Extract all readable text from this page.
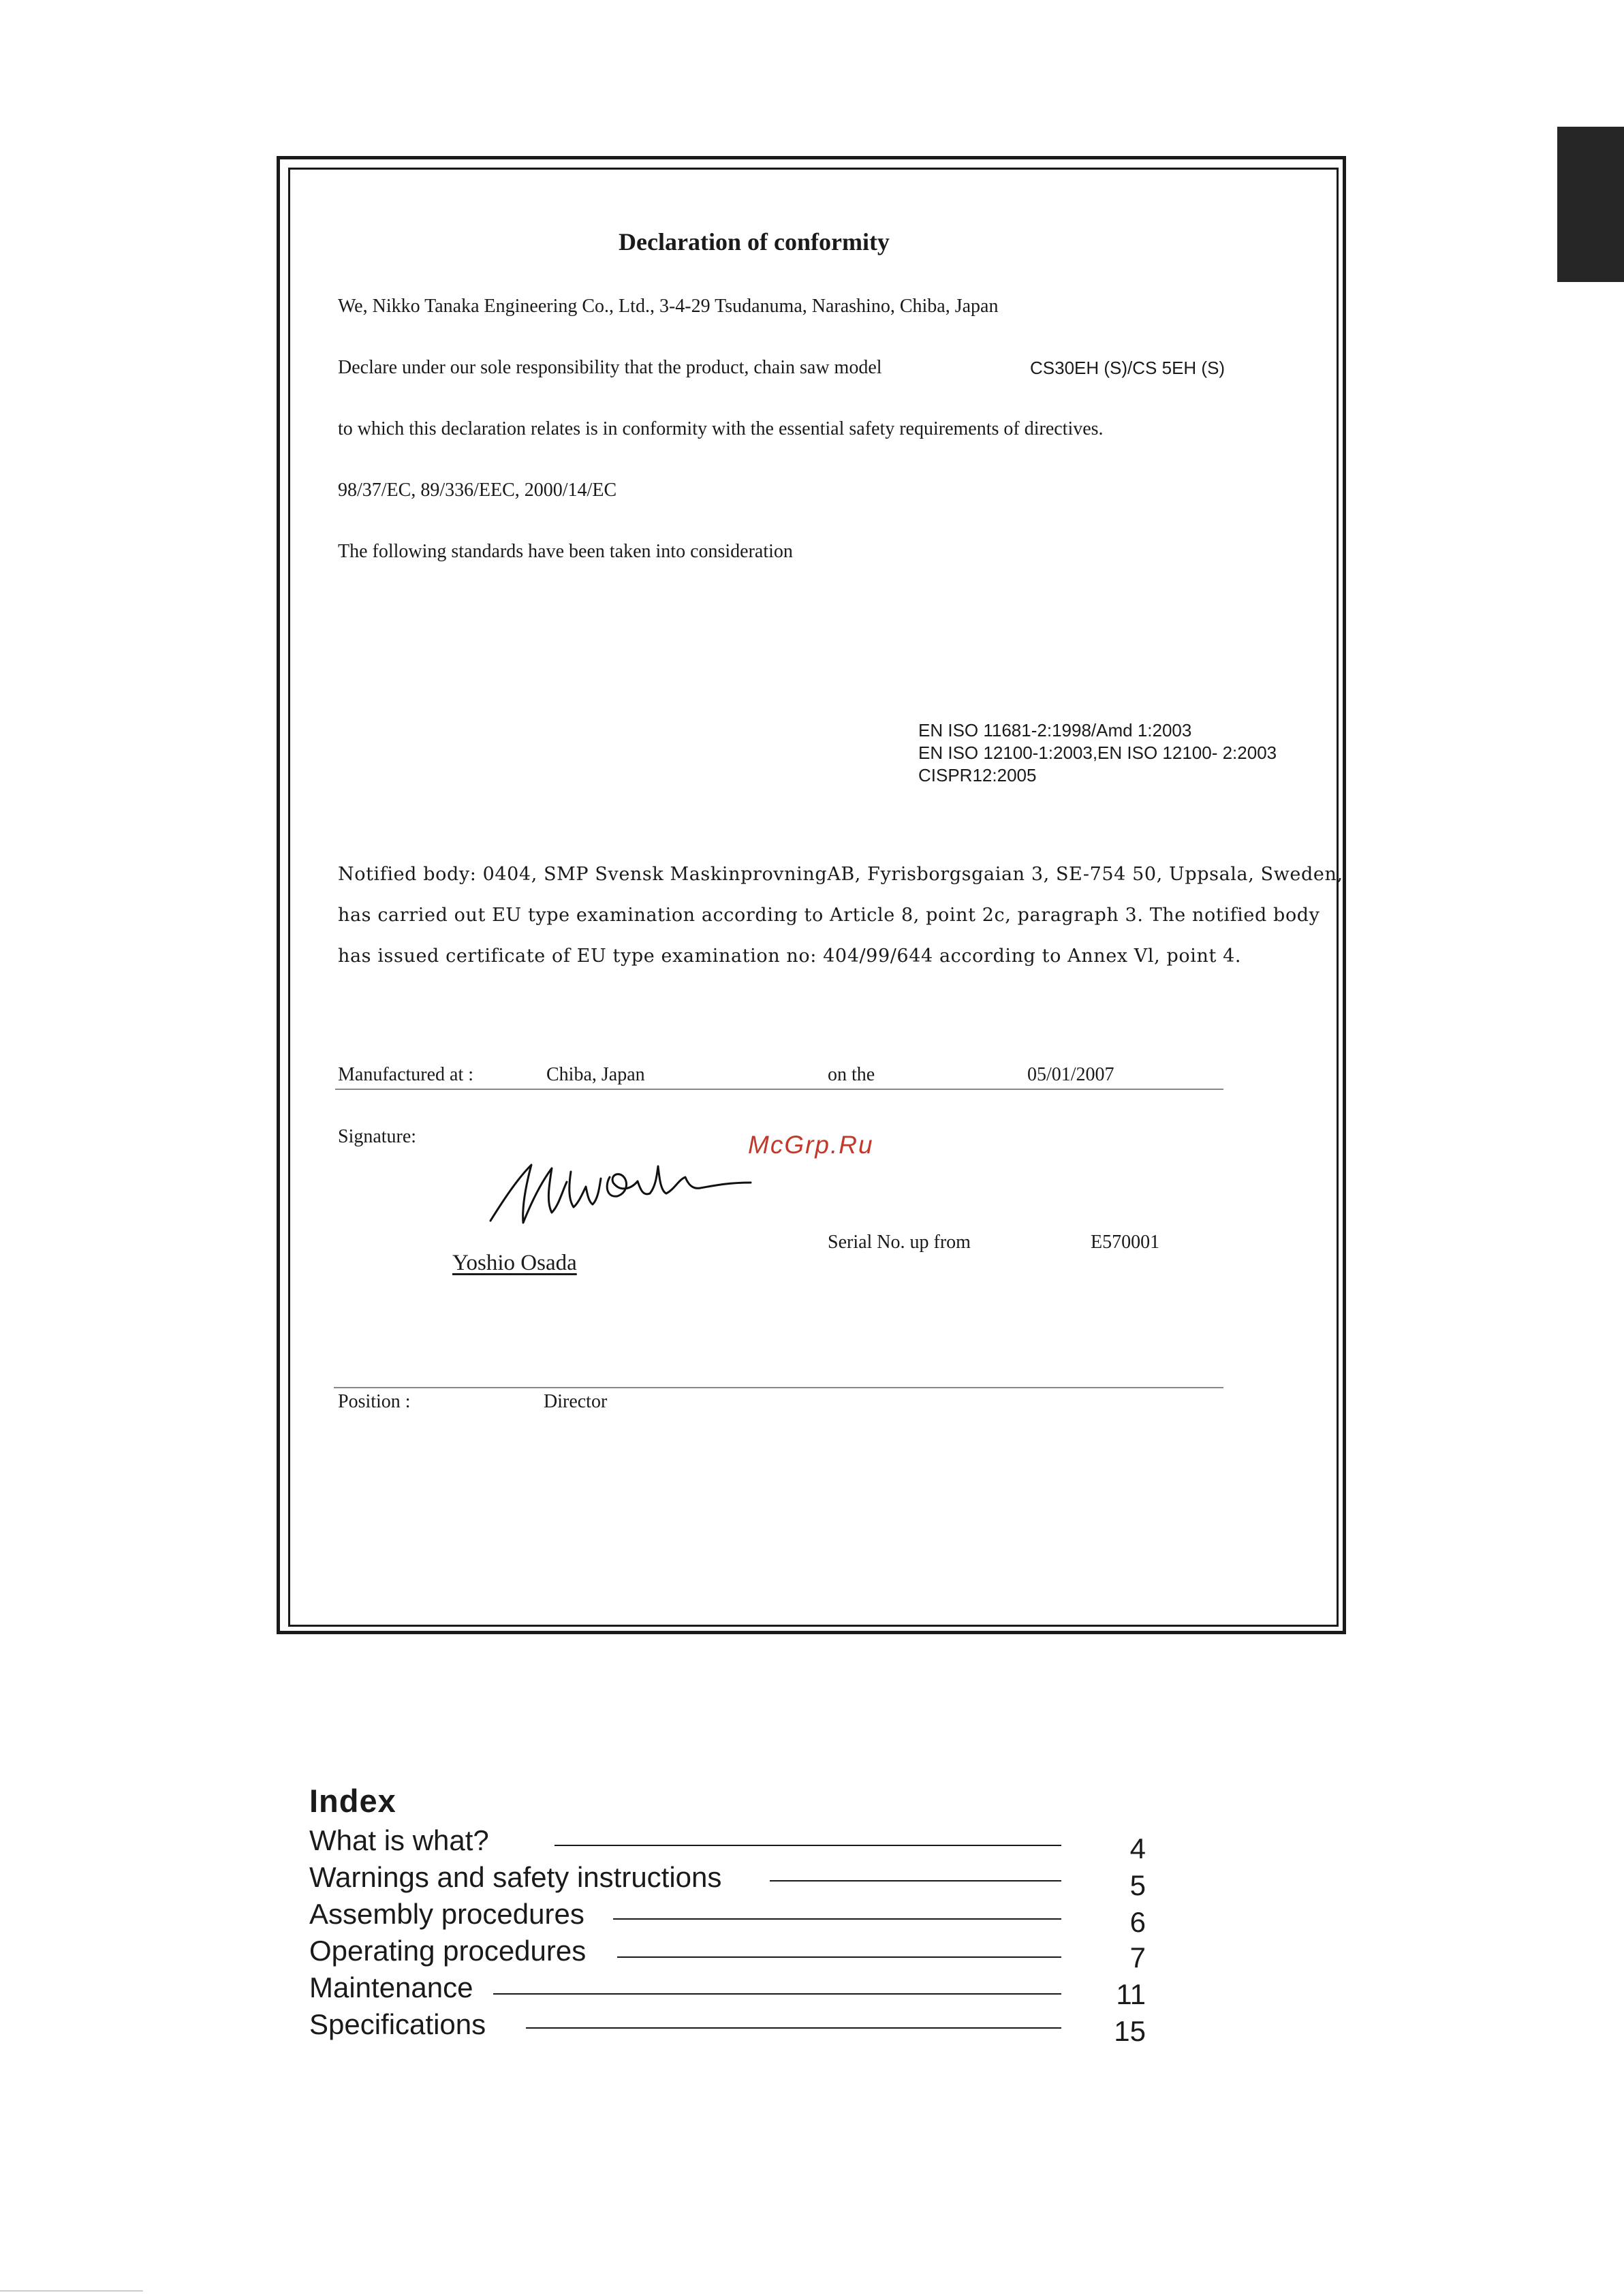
Declaration of conformity
We, Nikko Tanaka Engineering Co., Ltd., 3-4-29 Tsudanuma, Narashino, Chiba, Japan
Declare under our sole responsibility that the product, chain saw model	CS30EH (S)/CS 5EH (S)
to which this declaration relates is in conformity with the essential safety requirements of directives.
98/37/EC, 89/336/EEC, 2000/14/EC
The following standards have been taken into consideration
EN ISO 11681-2:1998/Amd 1:2003
EN ISO 12100-1:2003,EN ISO 12100- 2:2003
CISPR12:2005
Notified body: 0404, SMP Svensk MaskinprovningAB, Fyrisborgsgaian 3, SE-754 50, Uppsala, Sweden,
has carried out EU type examination according to Article 8, point 2c, paragraph 3. The notified body
has issued certificate of EU type examination no: 404/99/644 according to Annex Vl, point 4.
Manufactured at :	Chiba, Japan	on the	05/01/2007
Signature:	McGrp.Ru
Yoshio Osada
Serial No. up from	E570001
Position :	Director
Index
What is what?	4
Warnings and safety instructions	5
Assembly procedures	6
Operating procedures	7
Maintenance	11
Specifications	15
